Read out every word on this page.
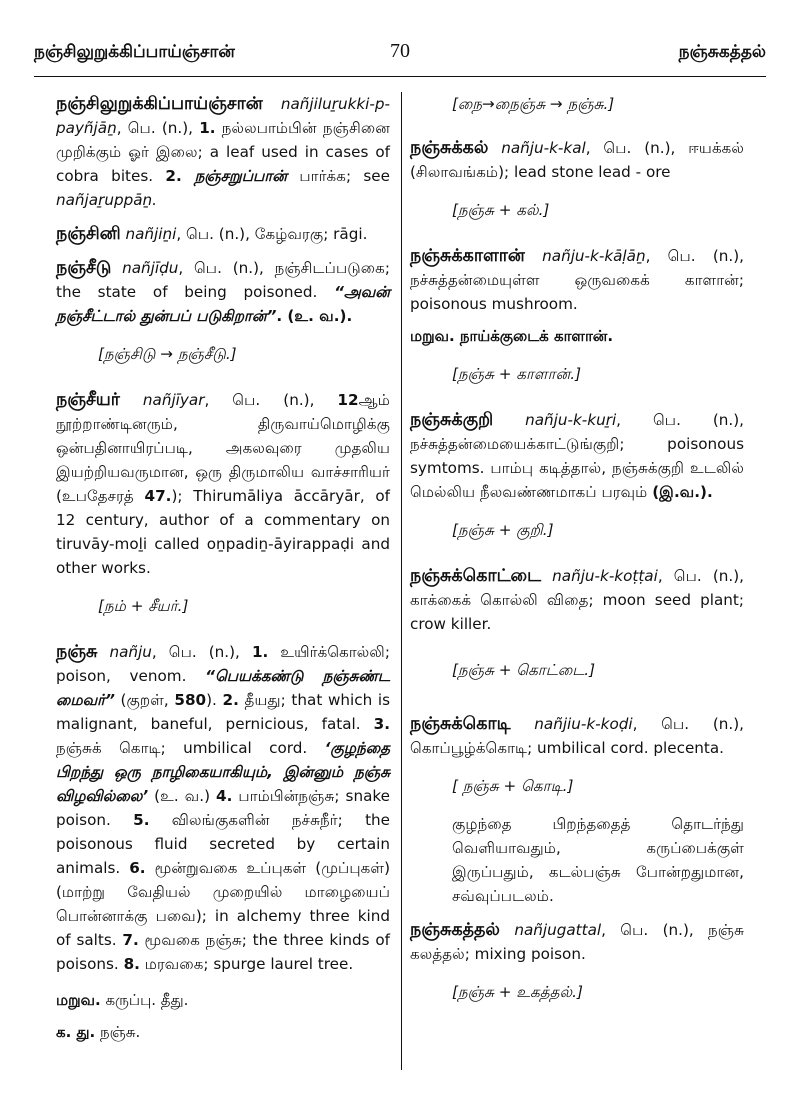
நஞ்சிலுறுக்கிப்பாய்ஞ்சான்	70	நஞ்சுகத்தல்
நஞ்சிலுறுக்கிப்பாய்ஞ்சான் nañjiluṟukki-p-payñjāṉ, பெ. (n.), 1. நல்லபாம்பின் நஞ்சினை முறிக்கும் ஓர் இலை; a leaf used in cases of cobra bites. 2. நஞ்சறுப்பான் பார்க்க; see nañjaṟuppāṉ.
நஞ்சினி nañjiṉi, பெ. (n.), கேழ்வரகு; rāgi.
நஞ்சீடு nañjīḍu, பெ. (n.), நஞ்சிடப்படுகை; the state of being poisoned. “அவன் நஞ்சீட்டால் துன்பப் படுகிறான்”. (உ. வ.).
[நஞ்சிடு → நஞ்சீடு.]
நஞ்சீயர் nañjīyar, பெ. (n.), 12ஆம் நூற்றாண்டினரும், திருவாய்மொழிக்கு ஒன்பதினாயிரப்படி, அகலவுரை முதலிய இயற்றியவருமான, ஒரு திருமாலிய வாச்சாரியர் (உபதேசரத் 47.); Thirumāliya āccāryār, of 12 century, author of a commentary on tiruvāy-moḻi called oṉpadiṉ-āyirappaḍi and other works.
[நம் + சீயர்.]
நஞ்சு nañju, பெ. (n.), 1. உயிர்க்கொல்லி; poison, venom. “பெயக்கண்டு நஞ்சுண்ட மைவர்” (குறள், 580). 2. தீயது; that which is malignant, baneful, pernicious, fatal. 3. நஞ்சுக் கொடி; umbilical cord. ‘குழந்தை பிறந்து ஒரு நாழிகையாகியும், இன்னும் நஞ்சு விழவில்லை’ (உ. வ.) 4. பாம்பின்நஞ்சு; snake poison. 5. விலங்குகளின் நச்சுநீர்; the poisonous fluid secreted by certain animals. 6. மூன்றுவகை உப்புகள் (முப்புகள்) (மாற்று வேதியல் முறையில் மாழையைப் பொன்னாக்கு பவை); in alchemy three kind of salts. 7. மூவகை நஞ்சு; the three kinds of poisons. 8. மரவகை; spurge laurel tree.
மறுவ. கருப்பு. தீது.
க. து. நஞ்சு.
[நை→நைஞ்சு → நஞ்சு.]
நஞ்சுக்கல் nañju-k-kal, பெ. (n.), ஈயக்கல் (சிலாவங்கம்); lead stone lead - ore
[நஞ்சு + கல்.]
நஞ்சுக்காளான் nañju-k-kāḷāṉ, பெ. (n.), நச்சுத்தன்மையுள்ள ஒருவகைக் காளான்; poisonous mushroom.
மறுவ. நாய்க்குடைக் காளான்.
[நஞ்சு + காளான்.]
நஞ்சுக்குறி nañju-k-kuṟi, பெ. (n.), நச்சுத்தன்மையைக்காட்டுங்குறி; poisonous symtoms. பாம்பு கடித்தால், நஞ்சுக்குறி உடலில் மெல்லிய நீலவண்ணமாகப் பரவும் (இ.வ.).
[நஞ்சு + குறி.]
நஞ்சுக்கொட்டை nañju-k-koṭṭai, பெ. (n.), காக்கைக் கொல்லி விதை; moon seed plant; crow killer.
[நஞ்சு + கொட்டை.]
நஞ்சுக்கொடி nañjiu-k-koḍi, பெ. (n.), கொப்பூழ்க்கொடி; umbilical cord. plecenta.
[ நஞ்சு + கொடி.]
குழந்தை பிறந்ததைத் தொடர்ந்து வெளியாவதும், கருப்பைக்குள் இருப்பதும், கடல்பஞ்சு போன்றதுமான, சவ்வுப்படலம்.
நஞ்சுகத்தல் nañjugattal, பெ. (n.), நஞ்சு கலத்தல்; mixing poison.
[நஞ்சு + உகத்தல்.]
